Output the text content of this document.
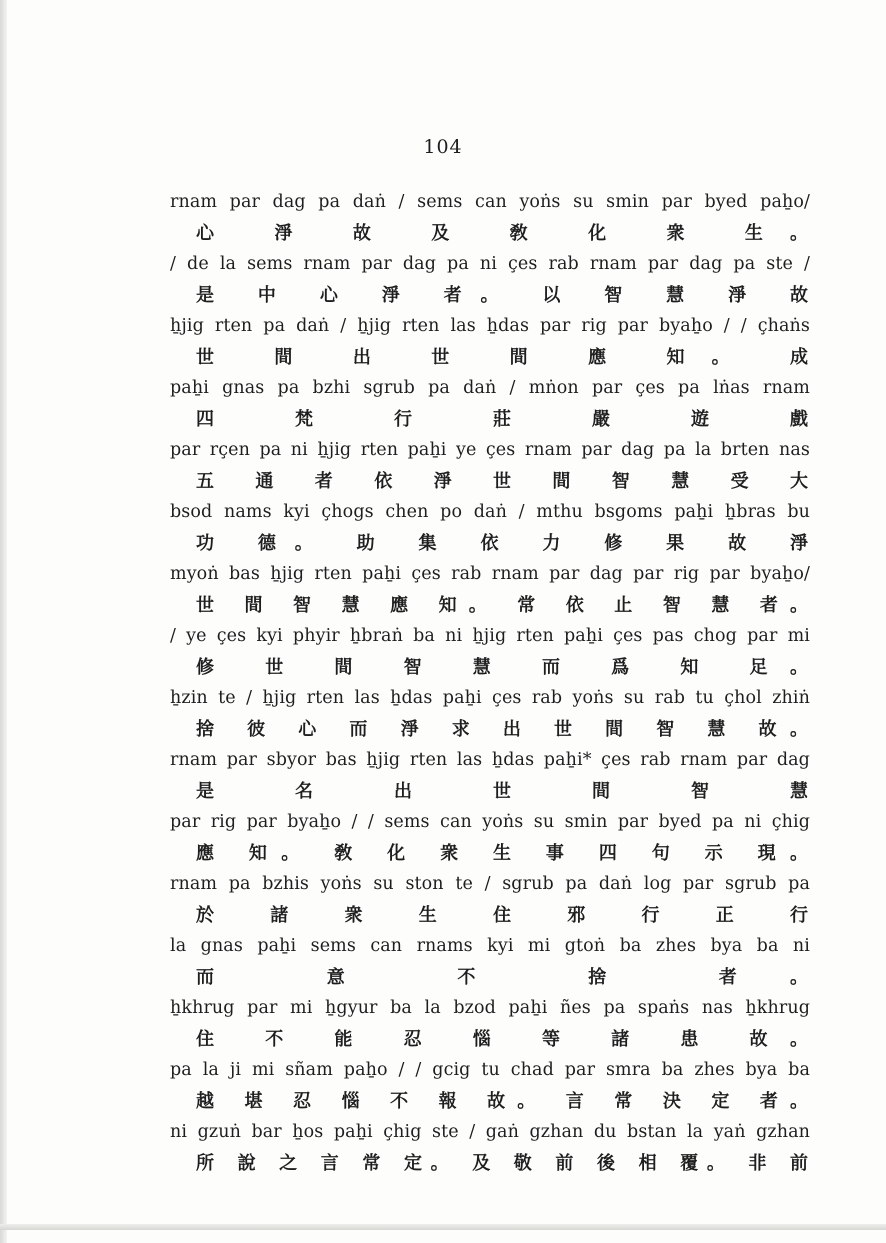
104
rnam par dag pa daṅ / sems can yoṅs su smin par byed paẖo/
心 淨 故 及 敎 化 衆 生。
/ de la sems rnam par dag pa ni çes rab rnam par dag pa ste /
是 中 心 淨 者。 以 智 慧 淨 故
ẖjig rten pa daṅ / ẖjig rten las ẖdas par rig par byaẖo / / çhaṅs
世 間 出 世 間 應 知。 成
paẖi gnas pa bzhi sgrub pa daṅ / mṅon par çes pa lṅas rnam
四 梵 行 莊 嚴 遊 戲
par rçen pa ni ẖjig rten paẖi ye çes rnam par dag pa la brten nas
五 通 者 依 淨 世 間 智 慧 受 大
bsod nams kyi çhogs chen po daṅ / mthu bsgoms paẖi ẖbras bu
功 德。 助 集 依 力 修 果 故 淨
myoṅ bas ẖjig rten paẖi çes rab rnam par dag par rig par byaẖo/
世 間 智 慧 應 知。 常 依 止 智 慧 者。
/ ye çes kyi phyir ẖbraṅ ba ni ẖjig rten paẖi çes pas chog par mi
修 世 間 智 慧 而 爲 知 足。
ẖzin te / ẖjig rten las ẖdas paẖi çes rab yoṅs su rab tu çhol zhiṅ
捨 彼 心 而 淨 求 出 世 間 智 慧 故。
rnam par sbyor bas ẖjig rten las ẖdas paẖi* çes rab rnam par dag
是 名 出 世 間 智 慧
par rig par byaẖo / / sems can yoṅs su smin par byed pa ni çhig
應 知。 敎 化 衆 生 事 四 句 示 現。
rnam pa bzhis yoṅs su ston te / sgrub pa daṅ log par sgrub pa
於 諸 衆 生 住 邪 行 正 行
la gnas paẖi sems can rnams kyi mi gtoṅ ba zhes bya ba ni
而 意 不 捨 者。
ẖkhrug par mi ẖgyur ba la bzod paẖi ñes pa spaṅs nas ẖkhrug
住 不 能 忍 惱 等 諸 患 故。
pa la ji mi sñam paẖo / / gcig tu chad par smra ba zhes bya ba
越 堪 忍 惱 不 報 故。 言 常 決 定 者。
ni gzuṅ bar ẖos paẖi çhig ste / gaṅ gzhan du bstan la yaṅ gzhan
所 說 之 言 常 定。 及 敬 前 後 相 覆。 非 前
